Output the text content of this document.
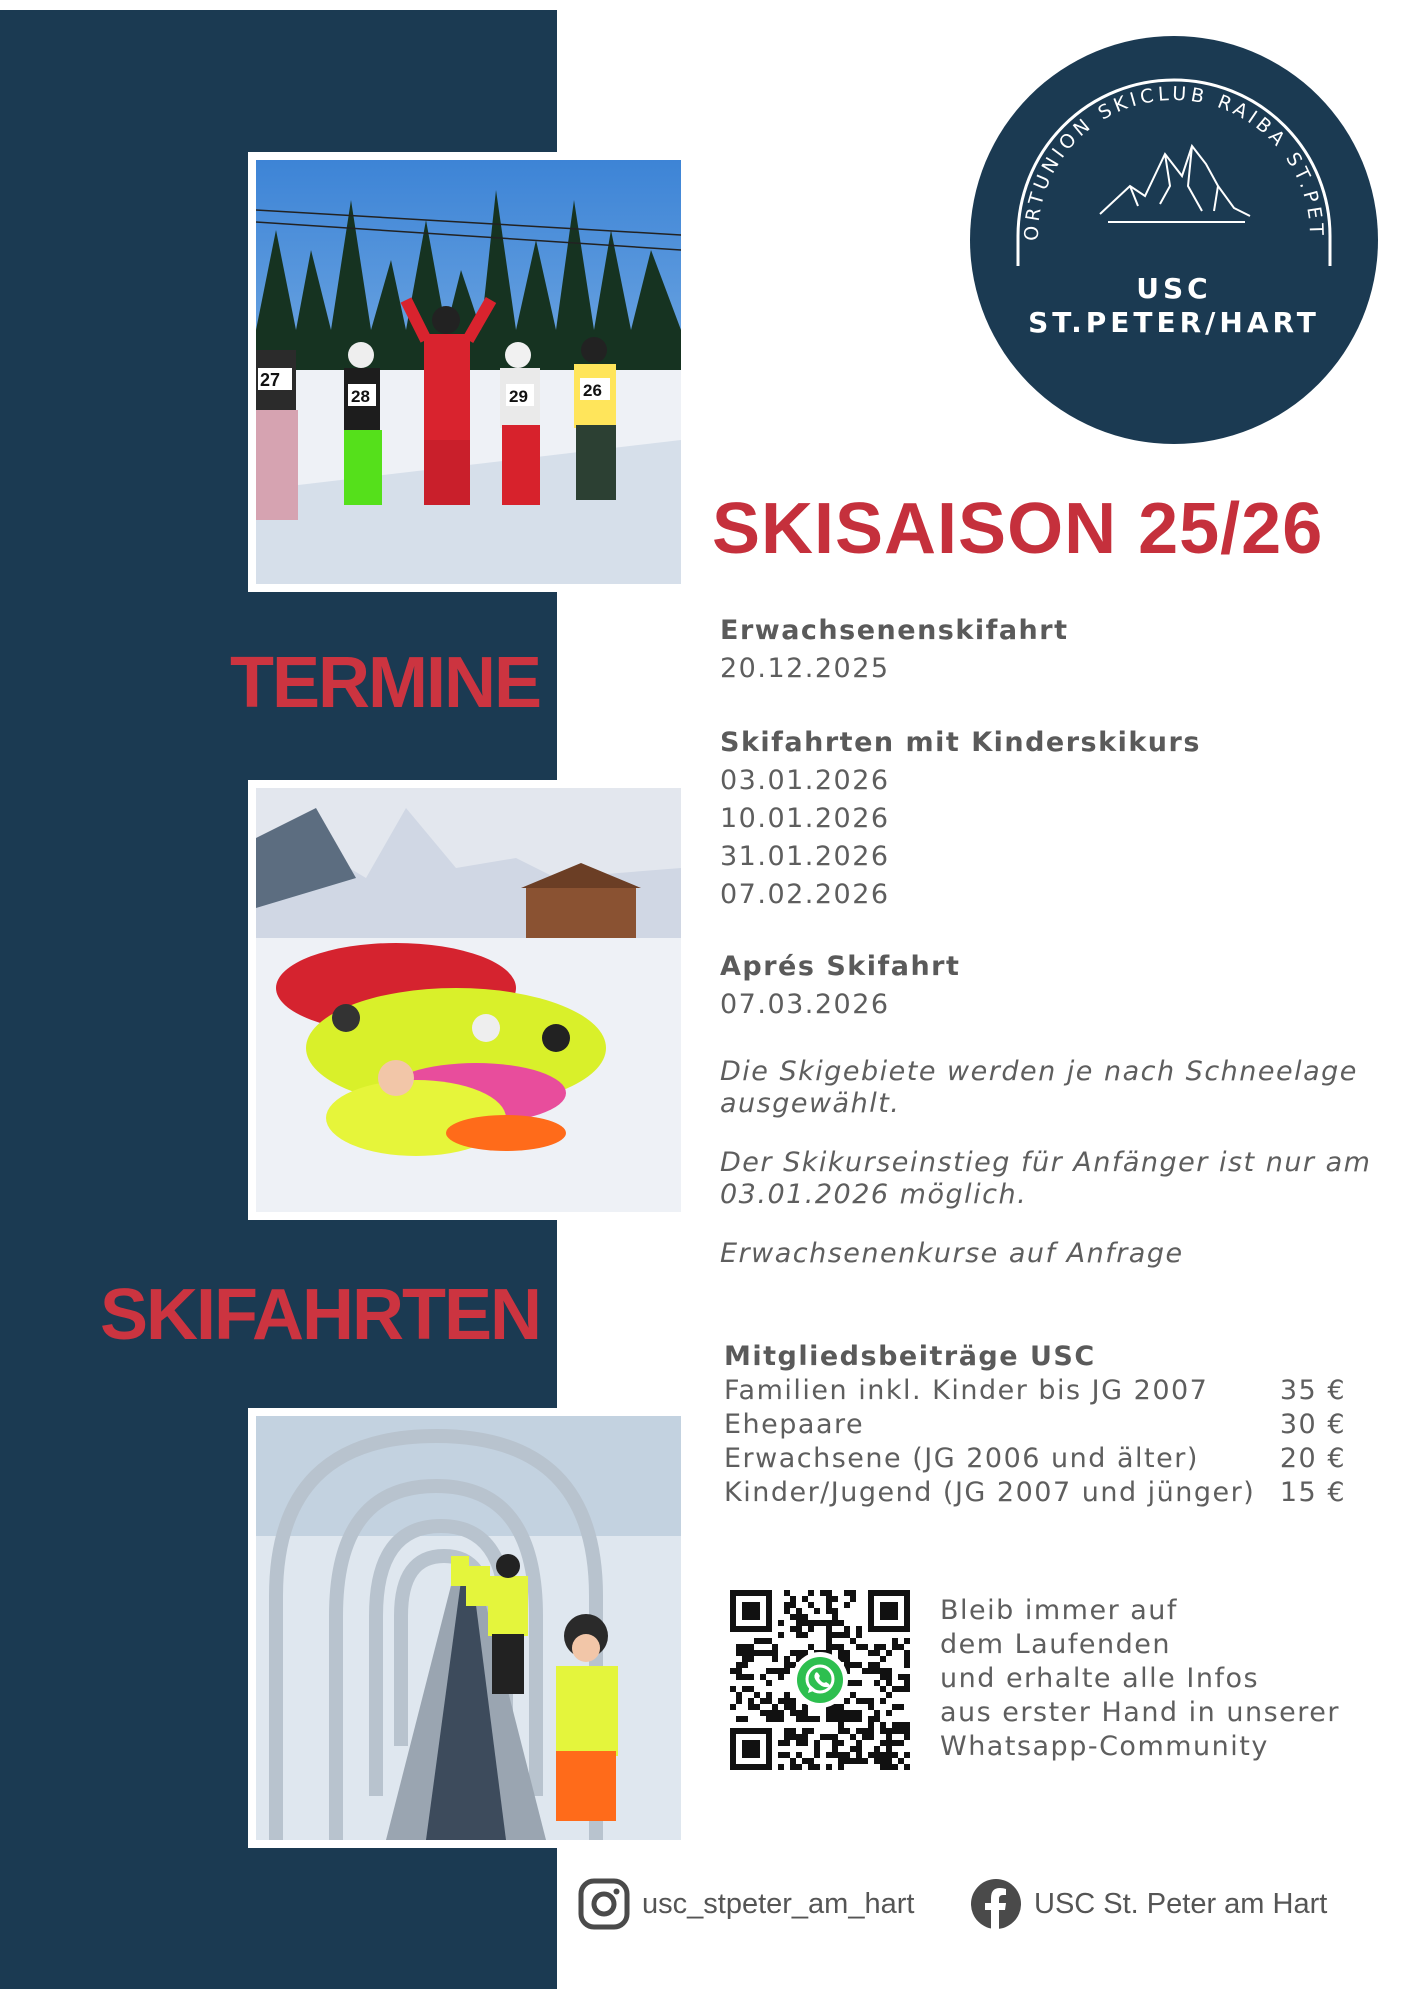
27
28	29	26
TERMINE
SKIFAHRTEN
ORTUNION SKICLUB RAIBA ST.PET
USC
ST.PETER/HART
SKISAISON 25/26
Erwachsenenskifahrt
20.12.2025
Skifahrten mit Kinderskikurs
03.01.2026
10.01.2026
31.01.2026
07.02.2026
Aprés Skifahrt
07.03.2026

Die Skigebiete werden je nach Schneelage ausgewählt.

Der Skikurseinstieg für Anfänger ist nur am 03.01.2026 möglich.

Erwachsenenkurse auf Anfrage

Mitgliedsbeiträge USC
Familien inkl. Kinder bis JG 2007	35 €
Ehepaare	30 €
Erwachsene (JG 2006 und älter)	20 €
Kinder/Jugend (JG 2007 und jünger) 15 €
Bleib immer auf
dem Laufenden
und erhalte alle Infos
aus erster Hand in unserer
Whatsapp-Community
usc_stpeter_am_hart	USC St. Peter am Hart
